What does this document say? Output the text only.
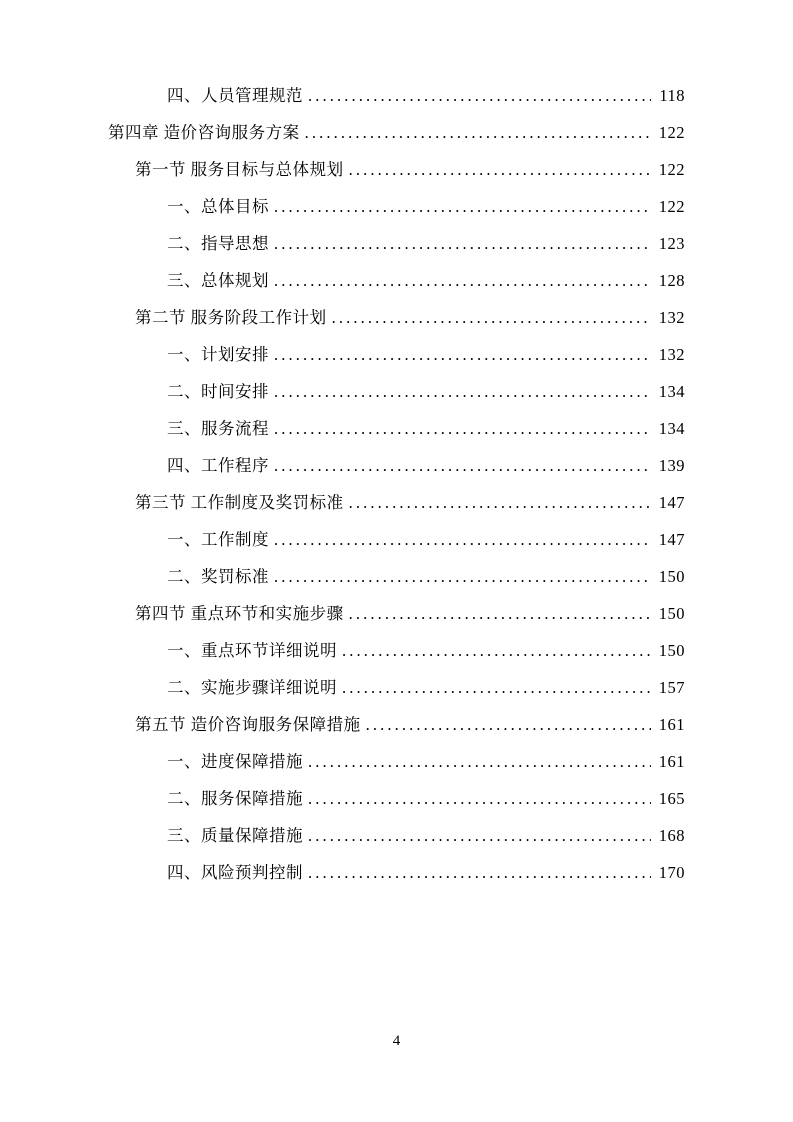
四、人员管理规范 . . .	118
第四章 造价咨询服务方案 . . .	122
第一节 服务目标与总体规划 . . .	122
一、总体目标 . . .	122
二、指导思想 . . .	123
三、总体规划 . . .	128
第二节 服务阶段工作计划 . . .	132
一、计划安排 . . .	132
二、时间安排 . . .	134
三、服务流程 . . .	134
四、工作程序 . . .	139
第三节 工作制度及奖罚标准 . . .	147
一、工作制度 . . .	147
二、奖罚标准 . . .	150
第四节 重点环节和实施步骤 . . .	150
一、重点环节详细说明 . . .	150
二、实施步骤详细说明 . . .	157
第五节 造价咨询服务保障措施 . . .	161
一、进度保障措施 . . .	161
二、服务保障措施 . . .	165
三、质量保障措施 . . .	168
四、风险预判控制 . . .	170
4
